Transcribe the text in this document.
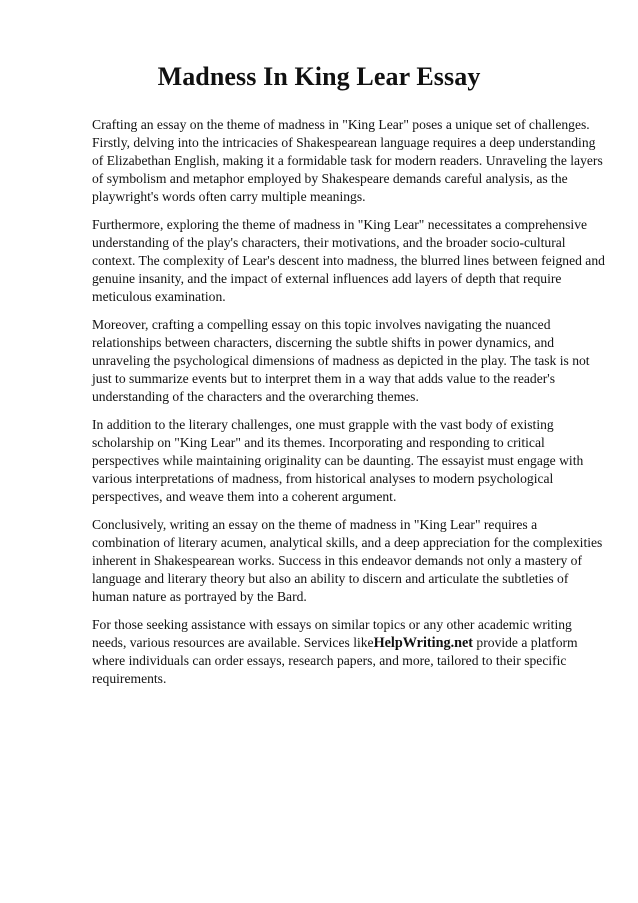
Madness In King Lear Essay

Crafting an essay on the theme of madness in "King Lear" poses a unique set of challenges. Firstly, delving into the intricacies of Shakespearean language requires a deep understanding of Elizabethan English, making it a formidable task for modern readers. Unraveling the layers of symbolism and metaphor employed by Shakespeare demands careful analysis, as the playwright's words often carry multiple meanings.

Furthermore, exploring the theme of madness in "King Lear" necessitates a comprehensive understanding of the play's characters, their motivations, and the broader socio-cultural context. The complexity of Lear's descent into madness, the blurred lines between feigned and genuine insanity, and the impact of external influences add layers of depth that require meticulous examination.

Moreover, crafting a compelling essay on this topic involves navigating the nuanced relationships between characters, discerning the subtle shifts in power dynamics, and unraveling the psychological dimensions of madness as depicted in the play. The task is not just to summarize events but to interpret them in a way that adds value to the reader's understanding of the characters and the overarching themes.

In addition to the literary challenges, one must grapple with the vast body of existing scholarship on "King Lear" and its themes. Incorporating and responding to critical perspectives while maintaining originality can be daunting. The essayist must engage with various interpretations of madness, from historical analyses to modern psychological perspectives, and weave them into a coherent argument.

Conclusively, writing an essay on the theme of madness in "King Lear" requires a combination of literary acumen, analytical skills, and a deep appreciation for the complexities inherent in Shakespearean works. Success in this endeavor demands not only a mastery of language and literary theory but also an ability to discern and articulate the subtleties of human nature as portrayed by the Bard.

For those seeking assistance with essays on similar topics or any other academic writing needs, various resources are available. Services likeHelpWriting.net provide a platform where individuals can order essays, research papers, and more, tailored to their specific requirements.
